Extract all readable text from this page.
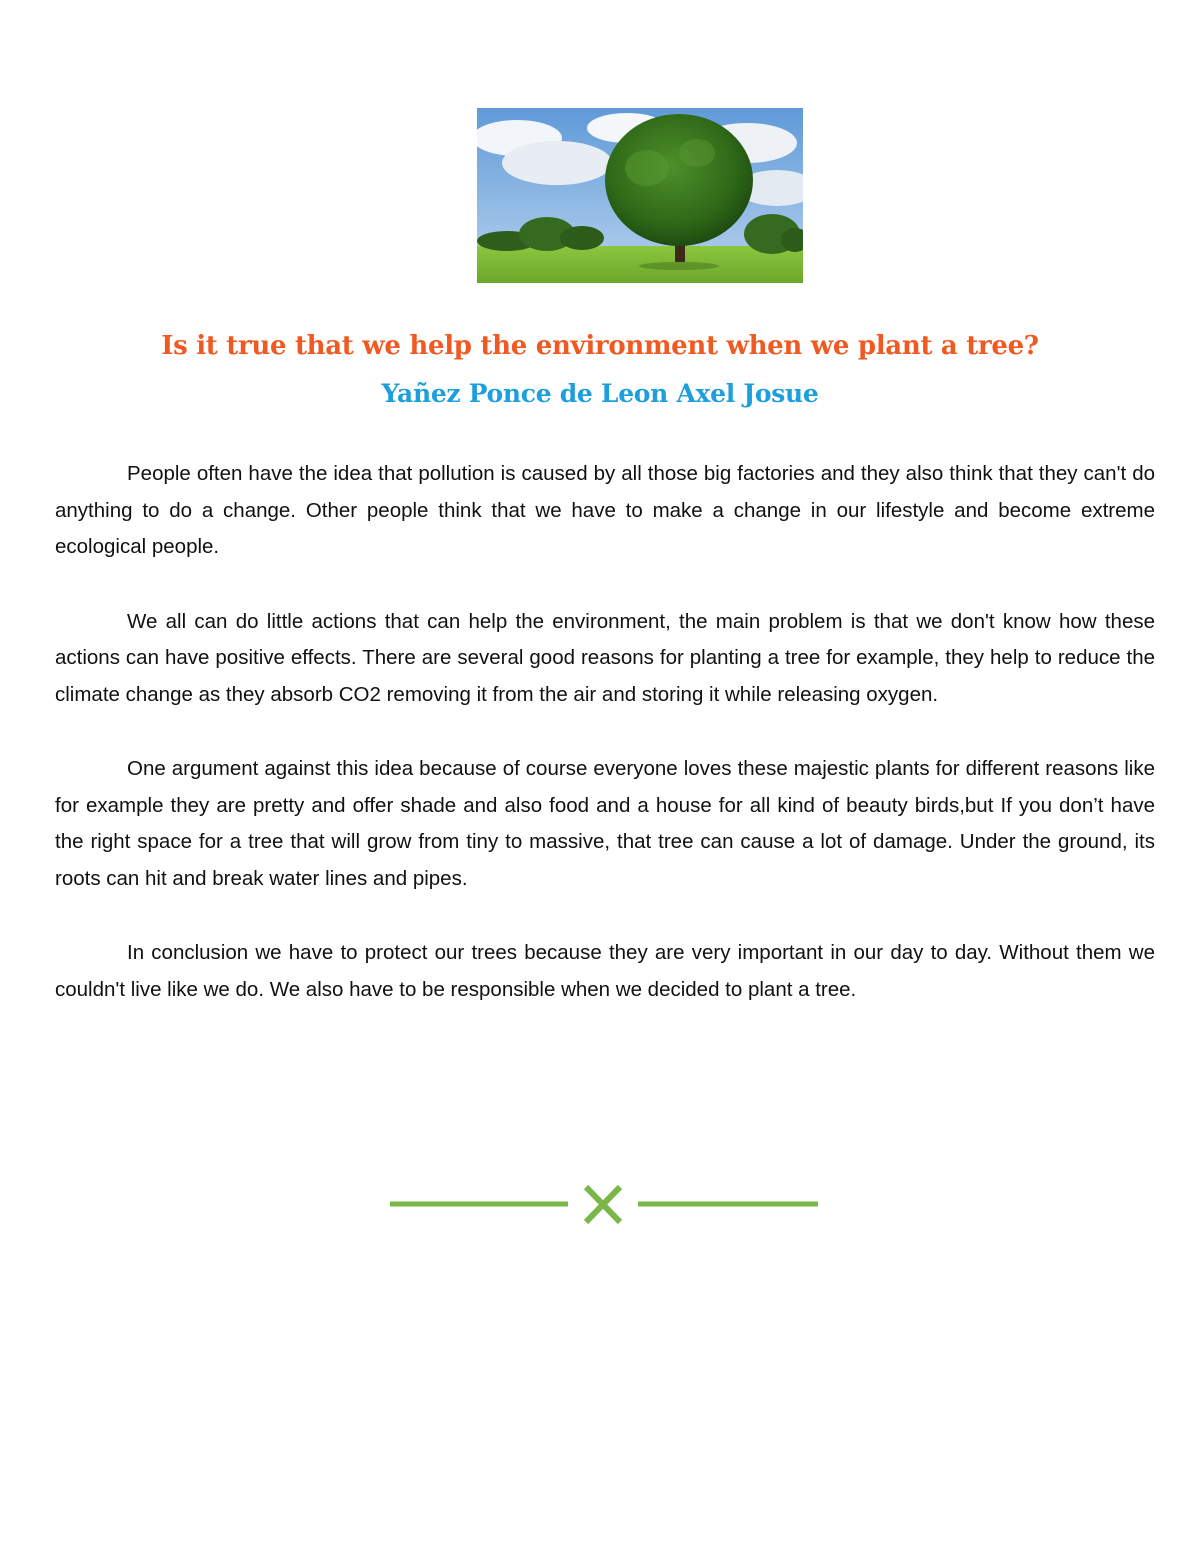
Is it true that we help the environment when we plant a tree?
Yañez Ponce de Leon Axel Josue

People often have the idea that pollution is caused by all those big factories and they also think that they can't do anything to do a change. Other people think that we have to make a change in our lifestyle and become extreme ecological people.

We all can do little actions that can help the environment, the main problem is that we don't know how these actions can have positive effects. There are several good reasons for planting a tree for example, they help to reduce the climate change as they absorb CO2 removing it from the air and storing it while releasing oxygen.

One argument against this idea because of course everyone loves these majestic plants for different reasons like for example they are pretty and offer shade and also food and a house for all kind of beauty birds,but If you don’t have the right space for a tree that will grow from tiny to massive, that tree can cause a lot of damage. Under the ground, its roots can hit and break water lines and pipes.

In conclusion we have to protect our trees because they are very important in our day to day. Without them we couldn't live like we do. We also have to be responsible when we decided to plant a tree.
